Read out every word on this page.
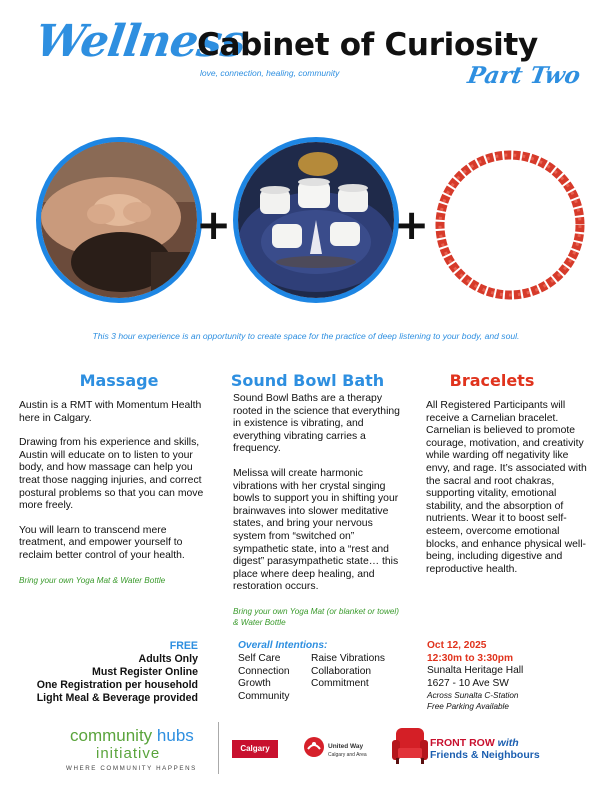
Wellness
Cabinet of Curiosity
love, connection, healing, community	Part Two
+	+
This 3 hour experience is an opportunity to create space for the practice of deep listening to your body, and soul.
Massage

Austin is a RMT with Momentum Health here in Calgary.

Drawing from his experience and skills, Austin will educate on to listen to your body, and how massage can help you treat those nagging injuries, and correct postural problems so that you can move more freely.

You will learn to transcend mere treatment, and empower yourself to reclaim better control of your health.

Bring your own Yoga Mat & Water Bottle
Sound Bowl Bath

Sound Bowl Baths are a therapy rooted in the science that everything in existence is vibrating, and everything vibrating carries a frequency.

Melissa will create harmonic vibrations with her crystal singing bowls to support you in shifting your brainwaves into slower meditative states, and bring your nervous system from “switched on” sympathetic state, into a “rest and digest” parasympathetic state… this place where deep healing, and restoration occurs.

Bring your own Yoga Mat (or blanket or towel) & Water Bottle
Bracelets

All Registered Participants will receive a Carnelian bracelet. Carnelian is believed to promote courage, motivation, and creativity while warding off negativity like envy, and rage. It’s associated with the sacral and root chakras, supporting vitality, emotional stability, and the absorption of nutrients. Wear it to boost self-esteem, overcome emotional blocks, and enhance physical well-being, including digestive and reproductive health.

FREE
Adults Only
Must Register Online
One Registration per household
Light Meal & Beverage provided
Overall Intentions:
Self Care
Connection
Growth
Community
Raise Vibrations
Collaboration
Commitment
Oct 12, 2025
12:30m to 3:30pm
Sunalta Heritage Hall
1627 - 10 Ave SW
Across Sunalta C-Station
Free Parking Available
community hubs
initiative
WHERE COMMUNITY HAPPENS
Calgary	United Way
Calgary and Area
FRONT ROW with
Friends & Neighbours
